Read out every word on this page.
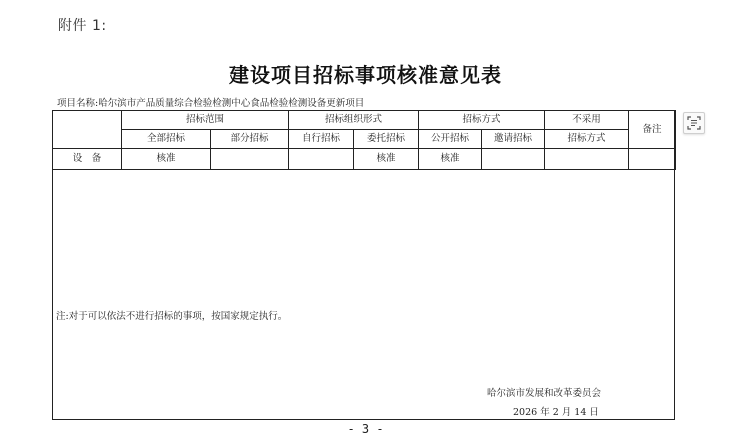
附件 1:
建设项目招标事项核准意见表
项目名称:哈尔滨市产品质量综合检验检测中心食品检验检测设备更新项目
	招标范围		招标组织形式		招标方式		不采用	备注
	全部招标	部分招标	自行招标	委托招标	公开招标	邀请招标	招标方式	
设　备	核准			核准	核准			
注:对于可以依法不进行招标的事项，按国家规定执行。
哈尔滨市发展和改革委员会
2026 年 2 月 14 日
- 3 -
